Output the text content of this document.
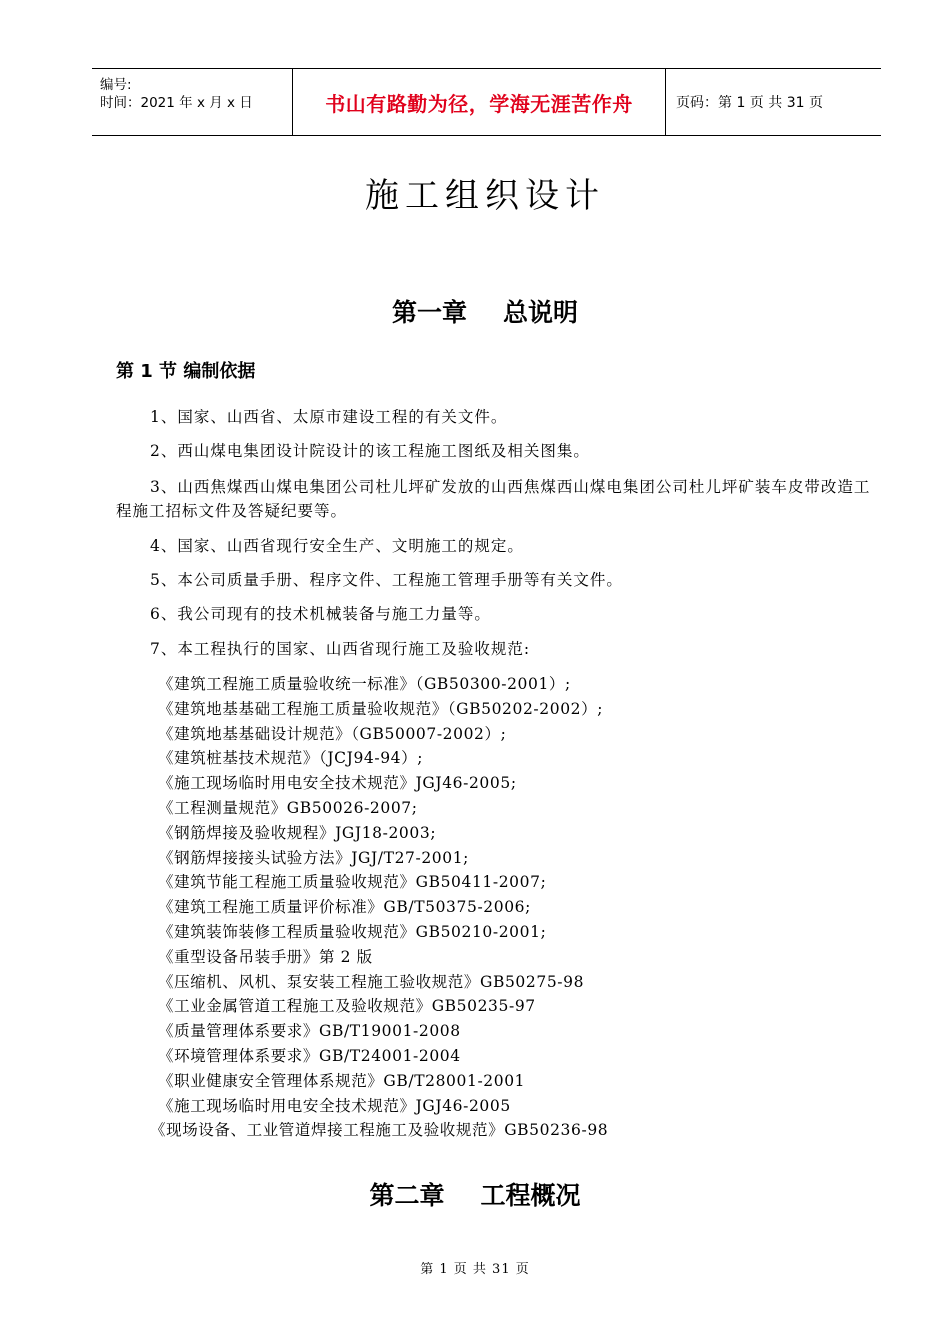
编号:
时间：2021 年 x 月 x 日	书山有路勤为径，学海无涯苦作舟	页码：第 1 页 共 31 页
施工组织设计
第一章 总说明
第 1 节 编制依据
1、国家、山西省、太原市建设工程的有关文件。
2、西山煤电集团设计院设计的该工程施工图纸及相关图集。
3、山西焦煤西山煤电集团公司杜儿坪矿发放的山西焦煤西山煤电集团公司杜儿坪矿装车皮带改造工程施工招标文件及答疑纪要等。
4、国家、山西省现行安全生产、文明施工的规定。
5、本公司质量手册、程序文件、工程施工管理手册等有关文件。
6、我公司现有的技术机械装备与施工力量等。
7、本工程执行的国家、山西省现行施工及验收规范:
《建筑工程施工质量验收统一标准》（GB50300-2001）;
《建筑地基基础工程施工质量验收规范》（GB50202-2002）;
《建筑地基基础设计规范》（GB50007-2002）;
《建筑桩基技术规范》（JCJ94-94）;
《施工现场临时用电安全技术规范》JGJ46-2005;
《工程测量规范》GB50026-2007;
《钢筋焊接及验收规程》JGJ18-2003;
《钢筋焊接接头试验方法》JGJ/T27-2001;
《建筑节能工程施工质量验收规范》GB50411-2007;
《建筑工程施工质量评价标准》GB/T50375-2006;
《建筑装饰装修工程质量验收规范》GB50210-2001;
《重型设备吊装手册》第 2 版
《压缩机、风机、泵安装工程施工验收规范》GB50275-98
《工业金属管道工程施工及验收规范》GB50235-97
《质量管理体系要求》GB/T19001-2008
《环境管理体系要求》GB/T24001-2004
《职业健康安全管理体系规范》GB/T28001-2001
《施工现场临时用电安全技术规范》JGJ46-2005
《现场设备、工业管道焊接工程施工及验收规范》GB50236-98
第二章 工程概况
第 1 页 共 31 页
